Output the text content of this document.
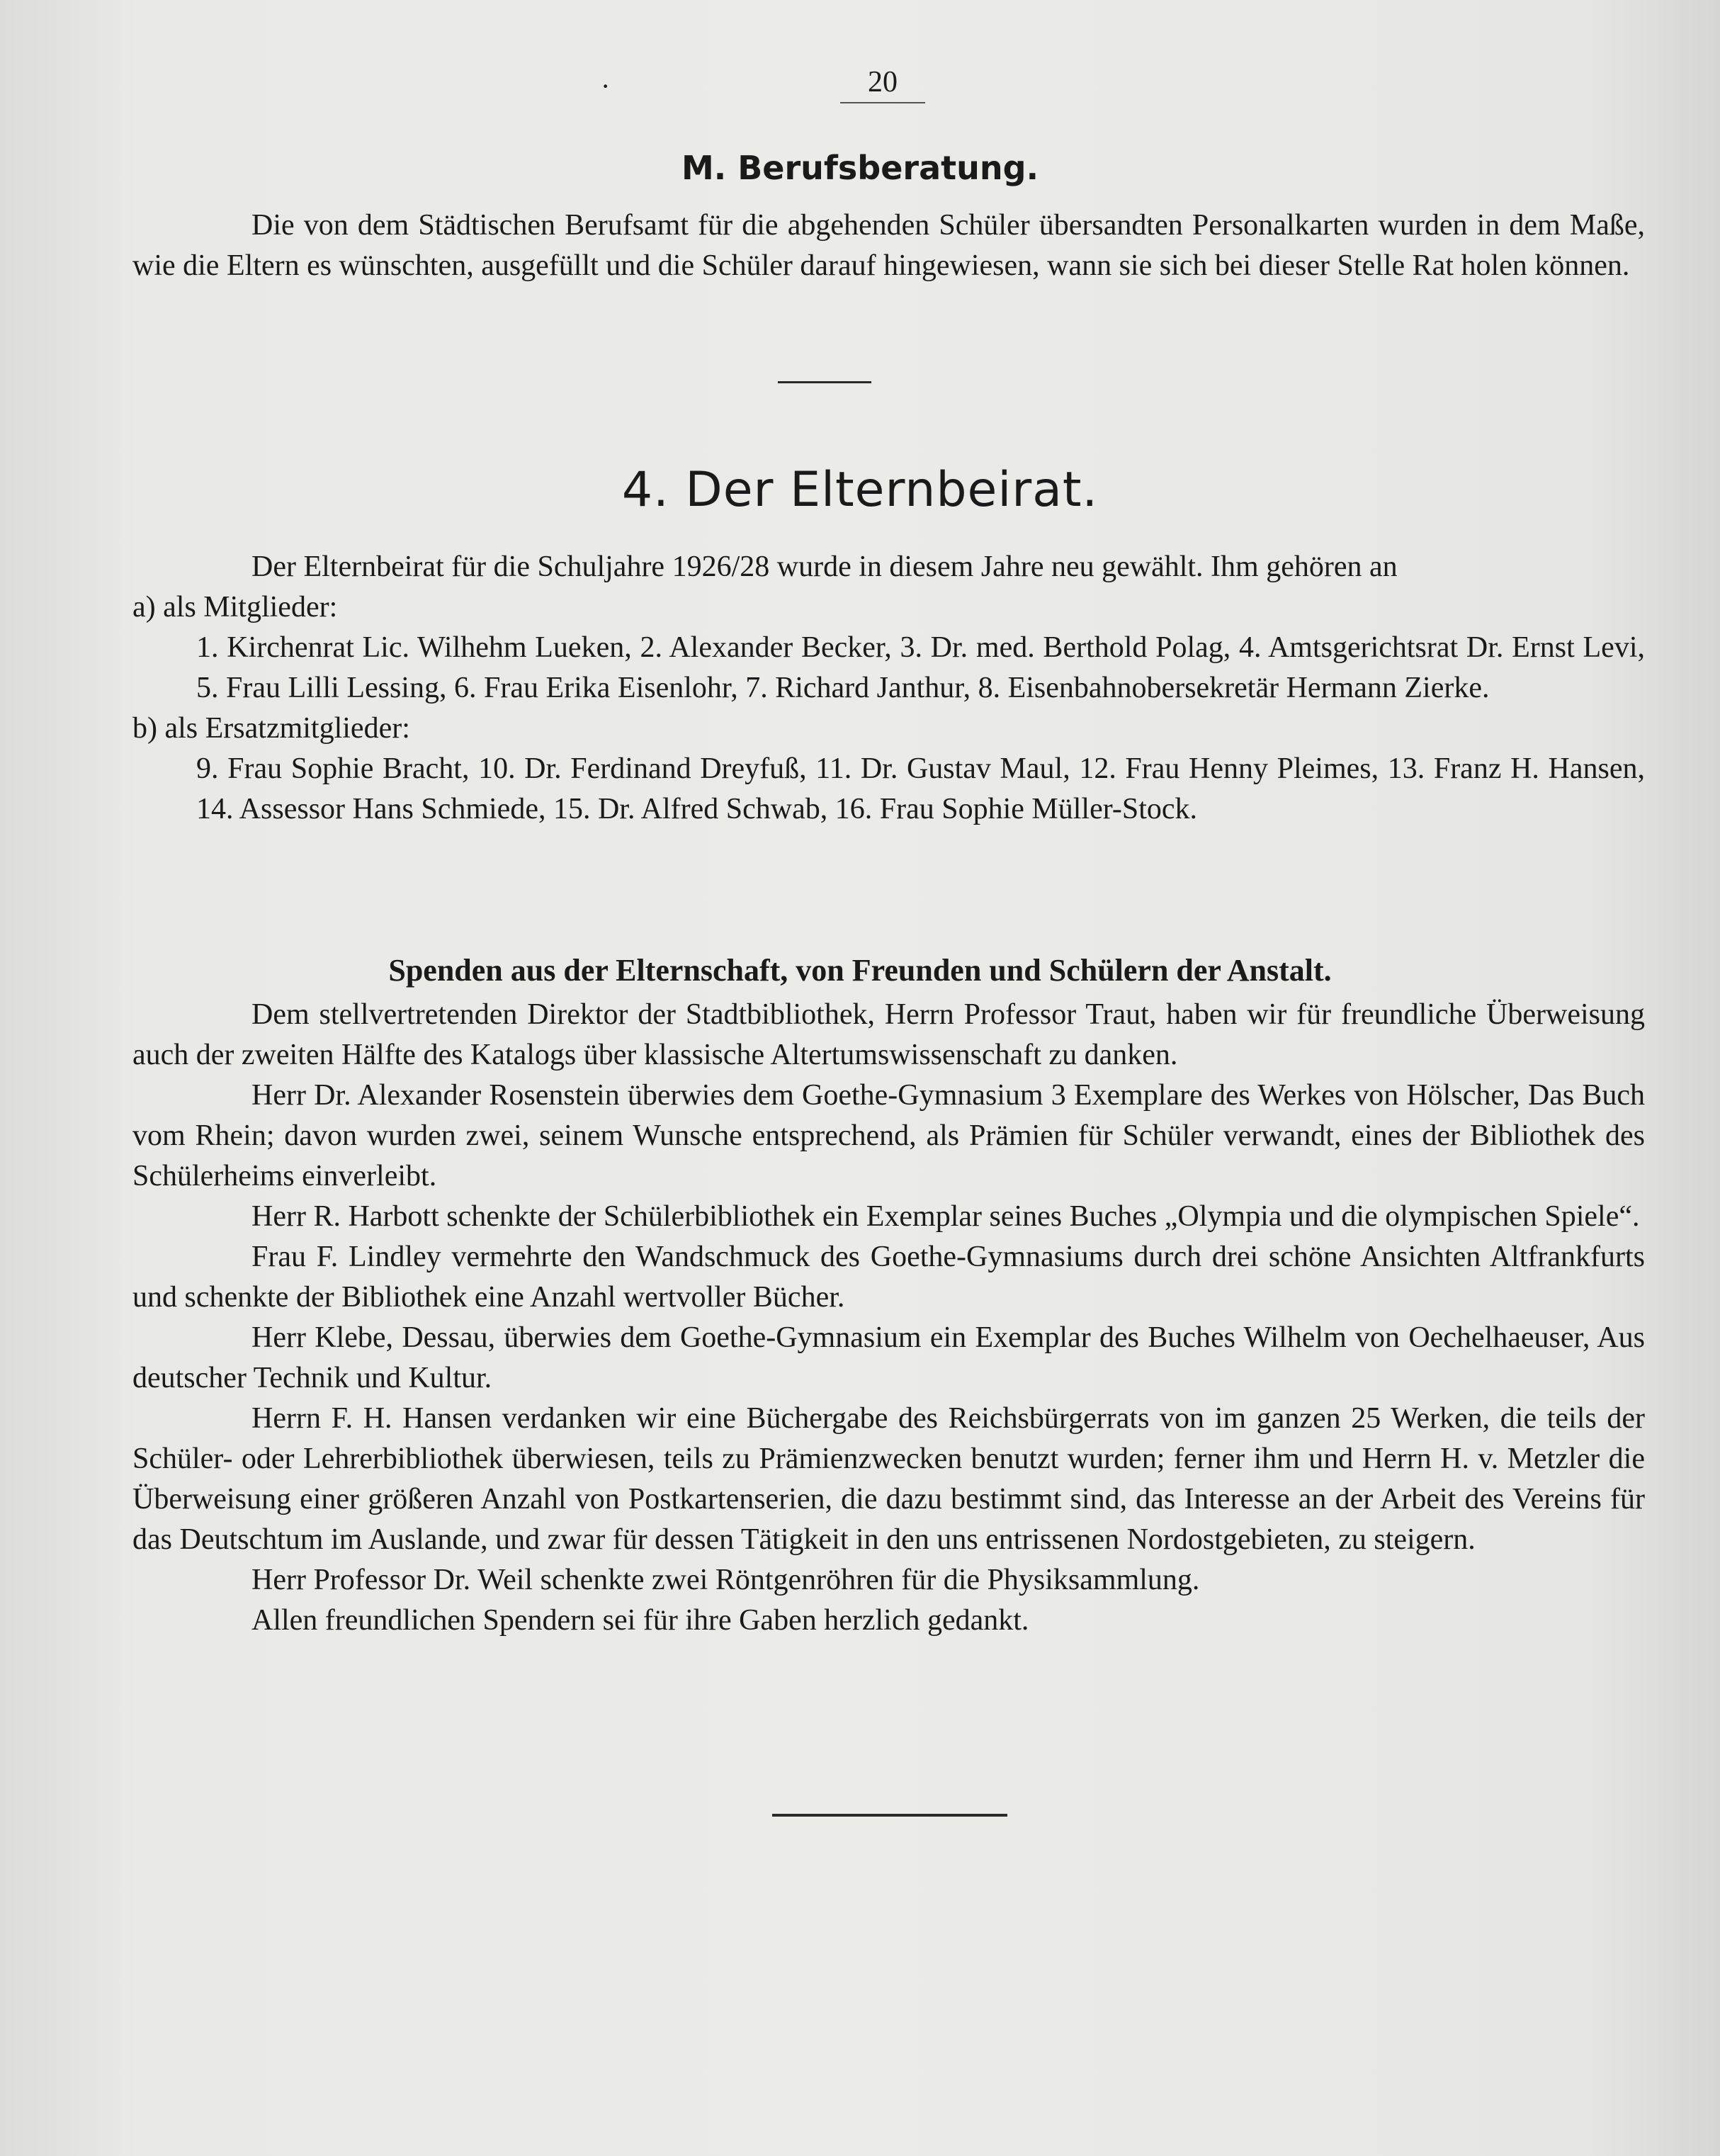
·	20
M. Berufsberatung.

Die von dem Städtischen Berufsamt für die abgehenden Schüler übersandten Personalkarten wurden in dem Maße, wie die Eltern es wünschten, ausgefüllt und die Schüler darauf hingewiesen, wann sie sich bei dieser Stelle Rat holen können.

4. Der Elternbeirat.

Der Elternbeirat für die Schuljahre 1926/28 wurde in diesem Jahre neu gewählt. Ihm gehören an

a) als Mitglieder:

1. Kirchenrat Lic. Wilhehm Lueken, 2. Alexander Becker, 3. Dr. med. Berthold Polag, 4. Amtsgerichtsrat Dr. Ernst Levi, 5. Frau Lilli Lessing, 6. Frau Erika Eisenlohr, 7. Richard Janthur, 8. Eisenbahnobersekretär Hermann Zierke.

b) als Ersatzmitglieder:

9. Frau Sophie Bracht, 10. Dr. Ferdinand Dreyfuß, 11. Dr. Gustav Maul, 12. Frau Henny Pleimes, 13. Franz H. Hansen, 14. Assessor Hans Schmiede, 15. Dr. Alfred Schwab, 16. Frau Sophie Müller-Stock.

Spenden aus der Elternschaft, von Freunden und Schülern der Anstalt.

Dem stellvertretenden Direktor der Stadtbibliothek, Herrn Professor Traut, haben wir für freundliche Überweisung auch der zweiten Hälfte des Katalogs über klassische Altertumswissenschaft zu danken.

Herr Dr. Alexander Rosenstein überwies dem Goethe-Gymnasium 3 Exemplare des Werkes von Hölscher, Das Buch vom Rhein; davon wurden zwei, seinem Wunsche entsprechend, als Prämien für Schüler verwandt, eines der Bibliothek des Schülerheims einverleibt.

Herr R. Harbott schenkte der Schülerbibliothek ein Exemplar seines Buches „Olympia und die olympischen Spiele“.

Frau F. Lindley vermehrte den Wandschmuck des Goethe-Gymnasiums durch drei schöne Ansichten Altfrankfurts und schenkte der Bibliothek eine Anzahl wertvoller Bücher.

Herr Klebe, Dessau, überwies dem Goethe-Gymnasium ein Exemplar des Buches Wilhelm von Oechelhaeuser, Aus deutscher Technik und Kultur.

Herrn F. H. Hansen verdanken wir eine Büchergabe des Reichsbürgerrats von im ganzen 25 Werken, die teils der Schüler- oder Lehrerbibliothek überwiesen, teils zu Prämienzwecken benutzt wurden; ferner ihm und Herrn H. v. Metzler die Überweisung einer größeren Anzahl von Postkartenserien, die dazu bestimmt sind, das Interesse an der Arbeit des Vereins für das Deutschtum im Auslande, und zwar für dessen Tätigkeit in den uns entrissenen Nordostgebieten, zu steigern.

Herr Professor Dr. Weil schenkte zwei Röntgenröhren für die Physiksammlung.

Allen freundlichen Spendern sei für ihre Gaben herzlich gedankt.
